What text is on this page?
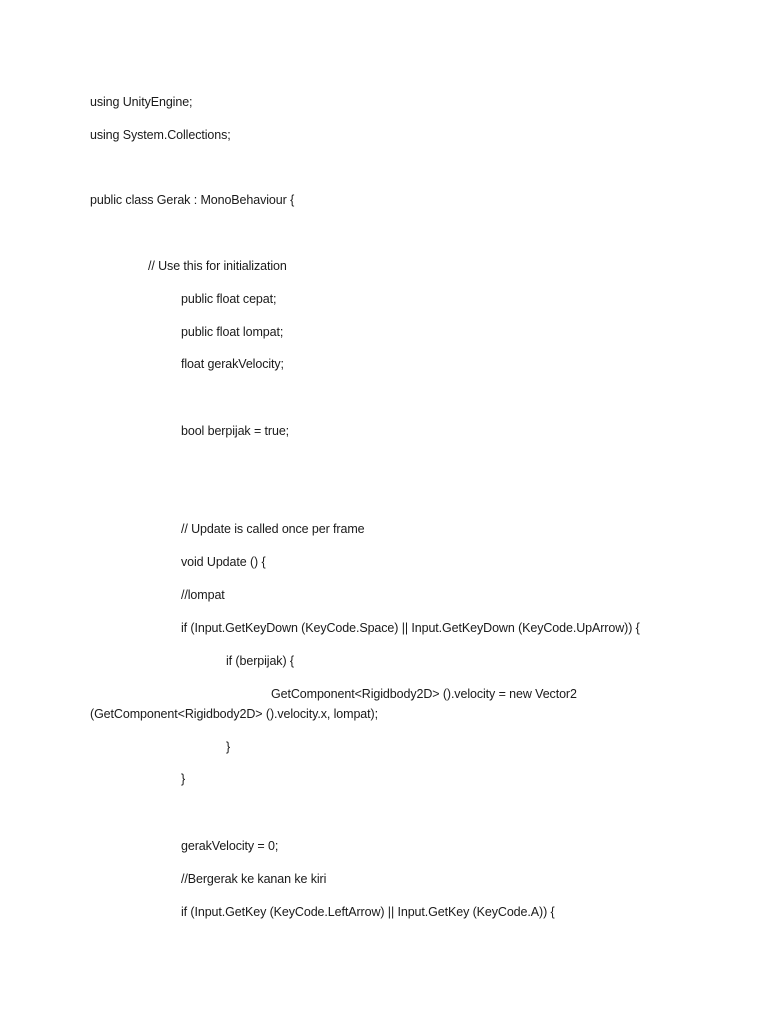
using UnityEngine;
using System.Collections;
public class Gerak : MonoBehaviour {
// Use this for initialization
public float cepat;
public float lompat;
float gerakVelocity;
bool berpijak = true;
// Update is called once per frame
void Update () {
//lompat
if (Input.GetKeyDown (KeyCode.Space) || Input.GetKeyDown (KeyCode.UpArrow)) {
if (berpijak) {
GetComponent<Rigidbody2D> ().velocity = new Vector2
(GetComponent<Rigidbody2D> ().velocity.x, lompat);
}
}
gerakVelocity = 0;
//Bergerak ke kanan ke kiri
if (Input.GetKey (KeyCode.LeftArrow) || Input.GetKey (KeyCode.A)) {
